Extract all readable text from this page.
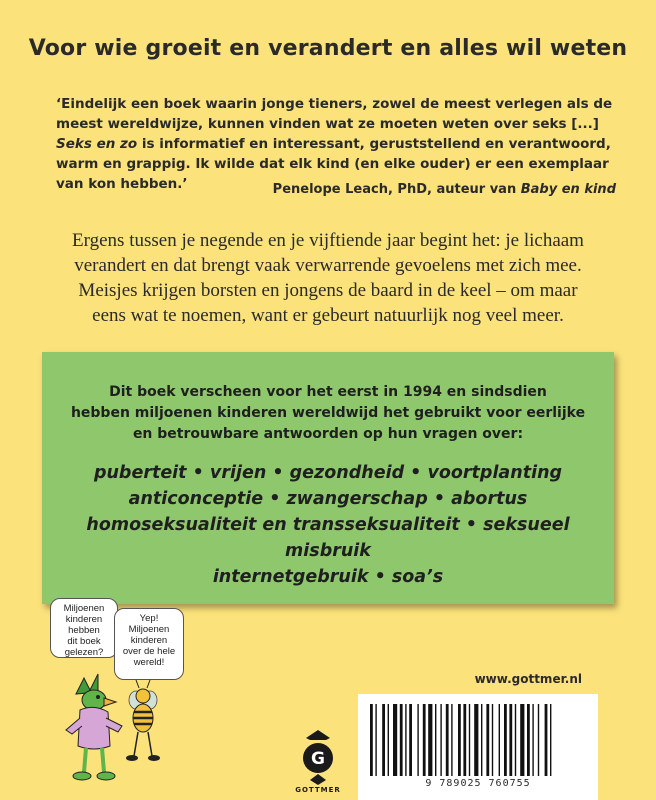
Voor wie groeit en verandert en alles wil weten
‘Eindelijk een boek waarin jonge tieners, zowel de meest verlegen als de meest wereldwijze, kunnen vinden wat ze moeten weten over seks [...] Seks en zo is informatief en interessant, geruststellend en verantwoord, warm en grappig. Ik wilde dat elk kind (en elke ouder) er een exemplaar van kon hebben.’	Penelope Leach, PhD, auteur van Baby en kind
Ergens tussen je negende en je vijftiende jaar begint het: je lichaam
verandert en dat brengt vaak verwarrende gevoelens met zich mee.
Meisjes krijgen borsten en jongens de baard in de keel – om maar
eens wat te noemen, want er gebeurt natuurlijk nog veel meer.
Dit boek verscheen voor het eerst in 1994 en sindsdien
hebben miljoenen kinderen wereldwijd het gebruikt voor eerlijke
en betrouwbare antwoorden op hun vragen over:
puberteit • vrijen • gezondheid • voortplanting
anticonceptie • zwangerschap • abortus
homoseksualiteit en transseksualiteit • seksueel misbruik
internetgebruik • soa’s
Miljoenen
kinderen
hebben
dit boek
gelezen?
Yep!
Miljoenen
kinderen
over de hele
wereld!
G
GOTTMER
www.gottmer.nl
9 789025 760755
